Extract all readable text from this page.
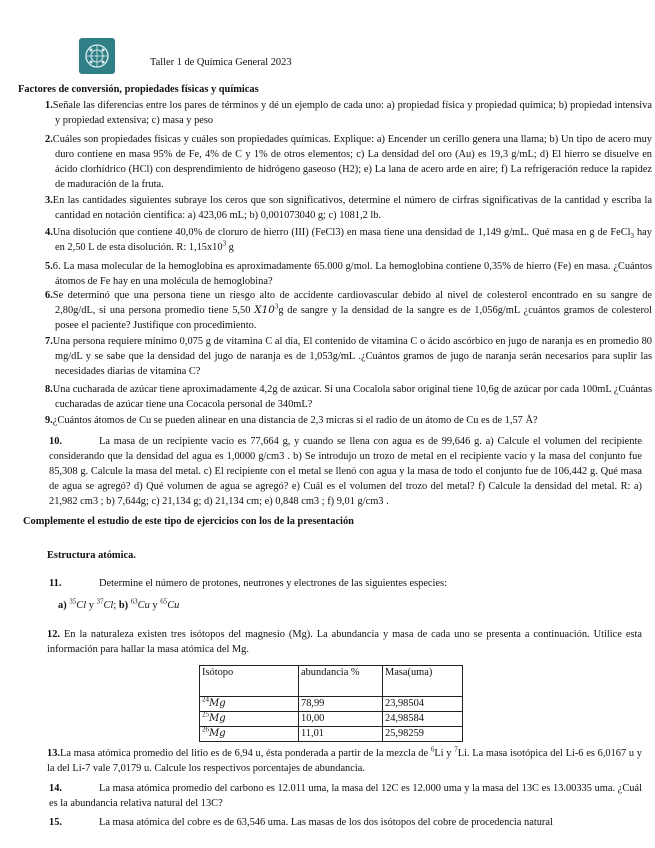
Taller 1 de Química General 2023
Factores de conversión, propiedades físicas y químicas
1.Señale las diferencias entre los pares de términos y dé un ejemplo de cada uno: a) propiedad física y propiedad química; b) propiedad intensiva y propiedad extensiva; c) masa y peso
2.Cuáles son propiedades físicas y cuáles son propiedades químicas. Explique: a) Encender un cerillo genera una llama; b) Un tipo de acero muy duro contiene en masa 95% de Fe, 4% de C y 1% de otros elementos; c) La densidad del oro (Au) es 19,3 g/mL; d) El hierro se disuelve en ácido clorhídrico (HCl) con desprendimiento de hidrógeno gaseoso (H2); e) La lana de acero arde en aire; f) La refrigeración reduce la rapidez de maduración de la fruta.
3.En las cantidades siguientes subraye los ceros que son significativos, determine el número de cirfras significativas de la cantidad y escriba la cantidad en notación científica: a) 423,06 mL; b) 0,001073040 g; c) 1081,2 lb.
4.Una disolución que contiene 40,0% de cloruro de hierro (III) (FeCl3) en masa tiene una densidad de 1,149 g/mL. Qué masa en g de FeCl$_3$ hay en 2,50 L de esta disolución. R: $1,15x10^3$ g
5.6. La masa molecular de la hemoglobina es aproximadamente 65.000 g/mol. La hemoglobina contiene 0,35% de hierro (Fe) en masa. ¿Cuántos átomos de Fe hay en una molécula de hemoglobina?
6.Se determinó que una persona tiene un riesgo alto de accidente cardiovascular debido al nivel de colesterol encontrado en su sangre de 2,80g/dL, si una persona promedio tiene 5,50 $X10^3g$ de sangre y la densidad de la sangre es de 1,056g/mL ¿cuántos gramos de colesterol posee el paciente? Justifique con procedimiento.
7.Una persona requiere mínimo 0,075 g de vitamina C al día, El contenido de vitamina C o ácido ascórbico en jugo de naranja es en promedio 80 mg/dL y se sabe que la densidad del jugo de naranja es de 1,053g/mL .¿Cuántos gramos de jugo de naranja serán necesarios para suplir las necesidades diarias de vitamina C?
8.Una cucharada de azúcar tiene aproximadamente 4,2g de azúcar. Si una Cocalola sabor original tiene 10,6g de azúcar por cada 100mL ¿Cuántas cucharadas de azúcar tiene una Cocacola personal de 340mL?
9.¿Cuántos átomos de Cu se pueden alinear en una distancia de 2,3 micras si el radio de un átomo de Cu es de 1,57 Å?
10.	La masa de un recipiente vacío es 77,664 g, y cuando se llena con agua es de 99,646 g. a) Calcule el volumen del recipiente considerando que la densidad del agua es 1,0000 g/cm3 . b) Se introdujo un trozo de metal en el recipiente vacío y la masa del conjunto fue 85,308 g. Calcule la masa del metal. c) El recipiente con el metal se llenó con agua y la masa de todo el conjunto fue de 106,442 g. Qué masa de agua se agregó? d) Qué volumen de agua se agregó? e) Cuál es el volumen del trozo del metal? f) Calcule la densidad del metal. R: a) 21,982 cm3 ; b) 7,644g; c) 21,134 g; d) 21,134 cm; e) 0,848 cm3 ; f) 9,01 g/cm3 .
Complemente el estudio de este tipo de ejercicios con los de la presentación
Estructura atómica.
11.	Determine el número de protones, neutrones y electrones de las siguientes especies:
a) $^{35}$Cl y $^{37}$Cl; b) $^{63}$Cu y $^{65}$Cu
12. En la naturaleza existen tres isótopos del magnesio (Mg). La abundancia y masa de cada uno se presenta a continuación. Utilice esta información para hallar la masa atómica del Mg.
Isótopo	abundancia %	Masa(uma)
$^{24}$Mg	78,99	23,98504
$^{25}$Mg	10,00	24,98584
$^{26}$Mg	11,01	25,98259
13.La masa atómica promedio del litio es de 6,94 u, ésta ponderada a partir de la mezcla de $^6$Li y $^7$Li. La masa isotópica del Li-6 es 6,0167 u y la del Li-7 vale 7,0179 u. Calcule los respectivos porcentajes de abundancia.
14.	La masa atómica promedio del carbono es 12.011 uma, la masa del 12C es 12.000 uma y la masa del 13C es 13.00335 uma. ¿Cuál es la abundancia relativa natural del 13C?
15.	La masa atómica del cobre es de 63,546 uma. Las masas de los dos isótopos del cobre de procedencia natural
